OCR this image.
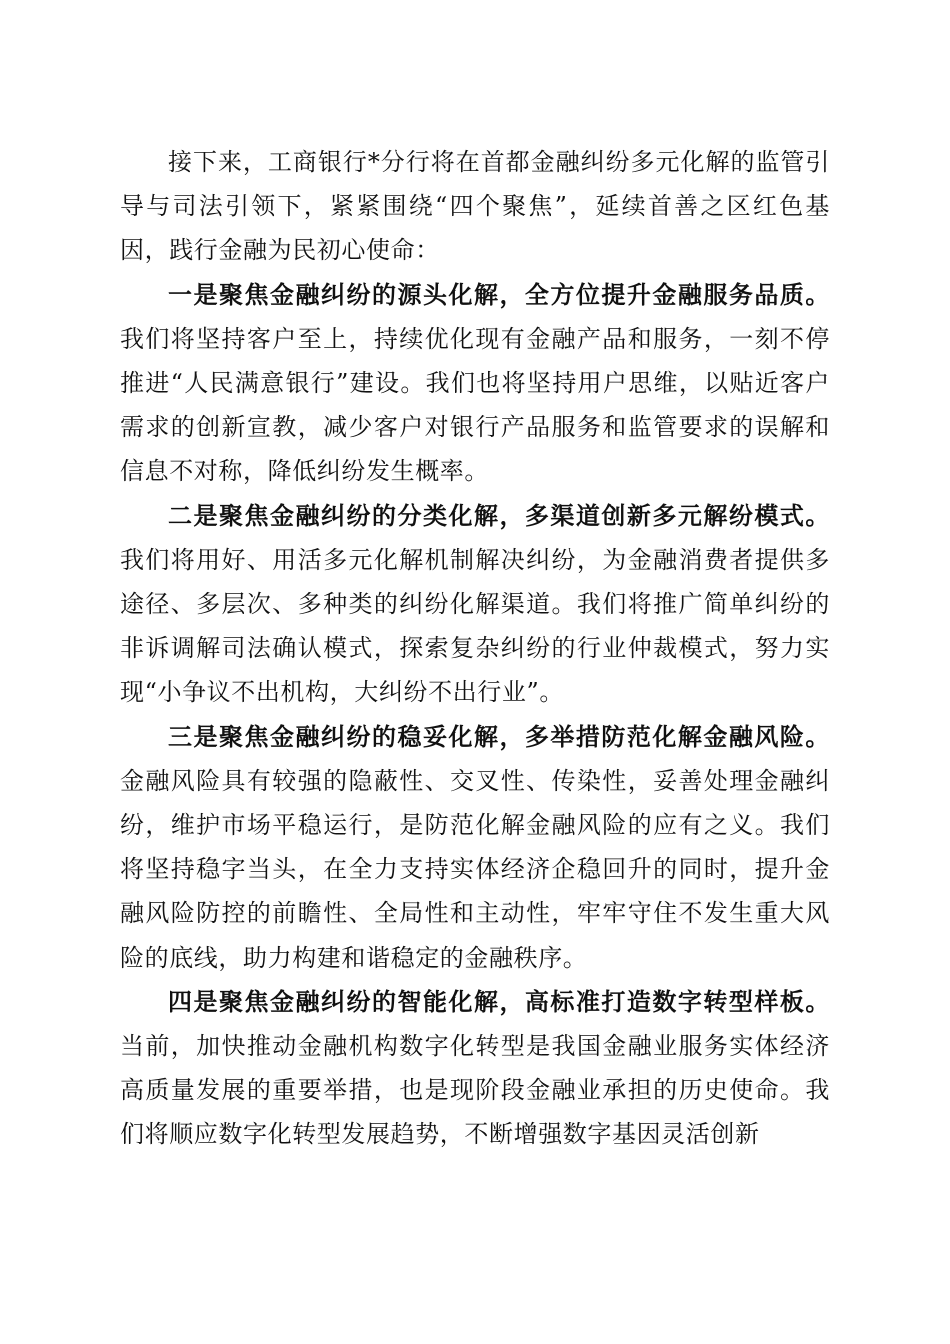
接下来，工商银行*分行将在首都金融纠纷多元化解的监管引导与司法引领下，紧紧围绕“四个聚焦”，延续首善之区红色基因，践行金融为民初心使命：

一是聚焦金融纠纷的源头化解，全方位提升金融服务品质。我们将坚持客户至上，持续优化现有金融产品和服务，一刻不停推进“人民满意银行”建设。我们也将坚持用户思维，以贴近客户需求的创新宣教，减少客户对银行产品服务和监管要求的误解和信息不对称，降低纠纷发生概率。

二是聚焦金融纠纷的分类化解，多渠道创新多元解纷模式。我们将用好、用活多元化解机制解决纠纷，为金融消费者提供多途径、多层次、多种类的纠纷化解渠道。我们将推广简单纠纷的非诉调解司法确认模式，探索复杂纠纷的行业仲裁模式，努力实现“小争议不出机构，大纠纷不出行业”。

三是聚焦金融纠纷的稳妥化解，多举措防范化解金融风险。金融风险具有较强的隐蔽性、交叉性、传染性，妥善处理金融纠纷，维护市场平稳运行，是防范化解金融风险的应有之义。我们将坚持稳字当头，在全力支持实体经济企稳回升的同时，提升金融风险防控的前瞻性、全局性和主动性，牢牢守住不发生重大风险的底线，助力构建和谐稳定的金融秩序。

四是聚焦金融纠纷的智能化解，高标准打造数字转型样板。当前，加快推动金融机构数字化转型是我国金融业服务实体经济高质量发展的重要举措，也是现阶段金融业承担的历史使命。我们将顺应数字化转型发展趋势，不断增强数字基因灵活创新
